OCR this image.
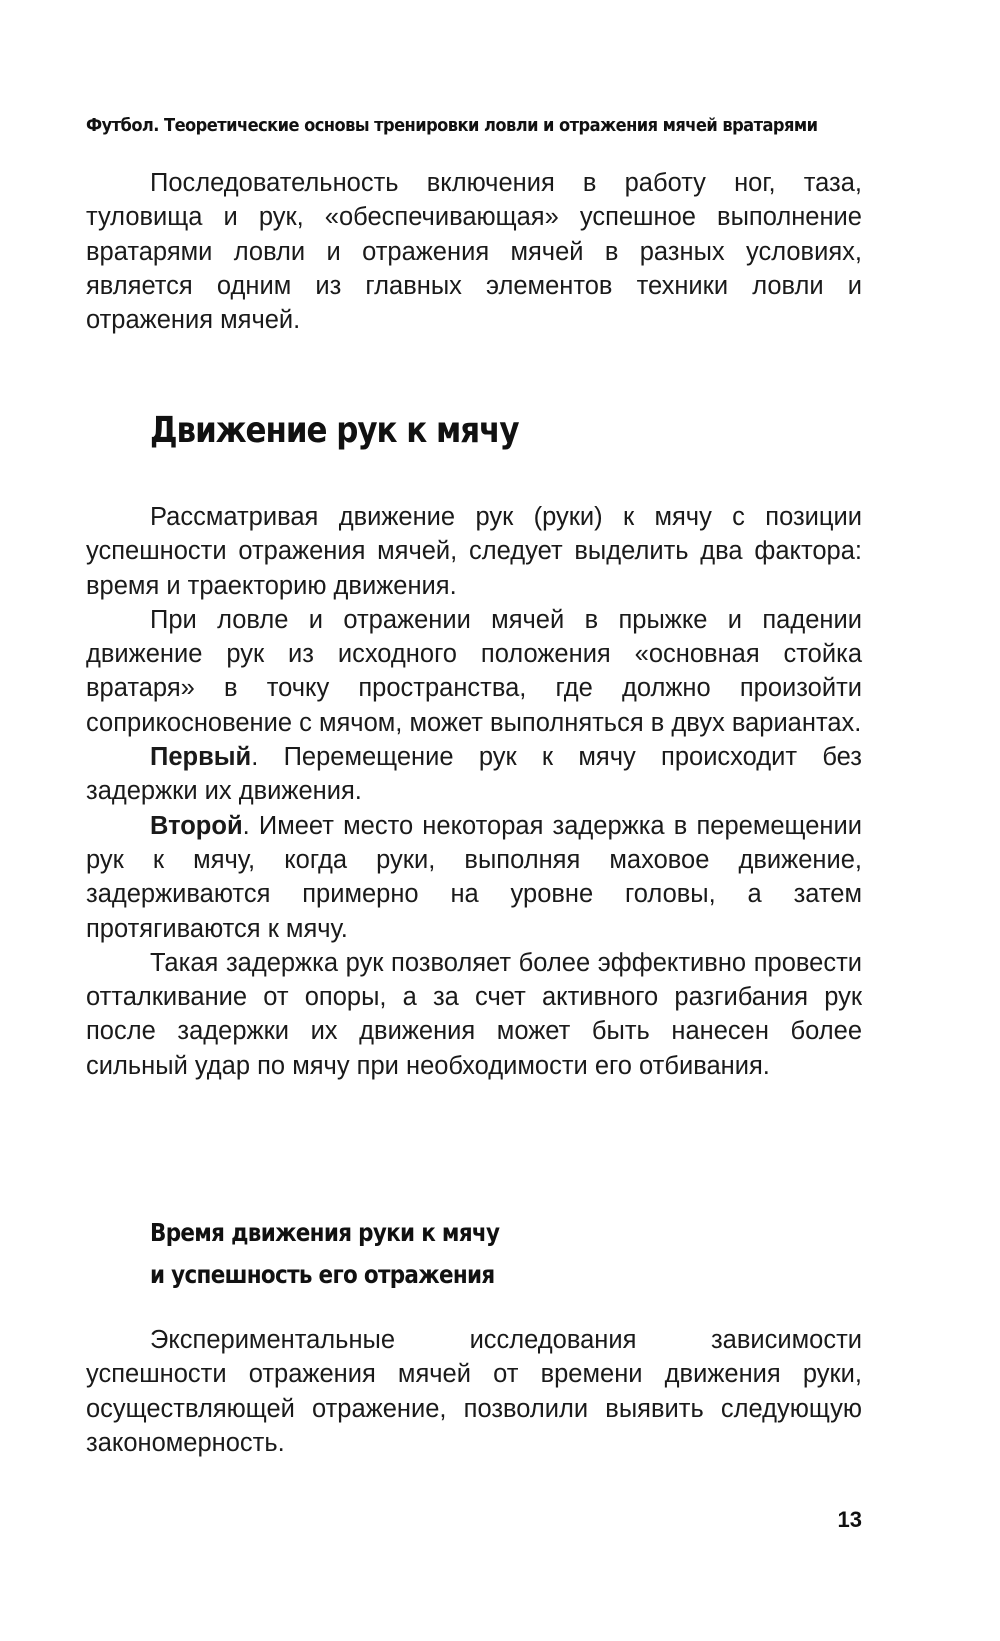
Футбол. Теоретические основы тренировки ловли и отражения мячей вратарями

Последовательность включения в работу ног, таза, туловища и рук, «обеспечивающая» успешное выполнение вратарями ловли и отражения мячей в разных условиях, является одним из главных элементов техники ловли и отражения мячей.

Движение рук к мячу

Рассматривая движение рук (руки) к мячу с позиции успешности отражения мячей, следует выделить два фактора: время и траекторию движения.

При ловле и отражении мячей в прыжке и падении движение рук из исходного положения «основная стойка вратаря» в точку пространства, где должно произойти соприкосновение с мячом, может выполняться в двух вариантах.

Первый. Перемещение рук к мячу происходит без задержки их движения.

Второй. Имеет место некоторая задержка в перемещении рук к мячу, когда руки, выполняя маховое движение, задерживаются примерно на уровне головы, а затем протягиваются к мячу.

Такая задержка рук позволяет более эффективно провести отталкивание от опоры, а за счет активного разгибания рук после задержки их движения может быть нанесен более сильный удар по мячу при необходимости его отбивания.

Время движения руки к мячу
и успешность его отражения

Экспериментальные исследования зависимости успешности отражения мячей от времени движения руки, осуществляющей отражение, позволили выявить следующую закономерность.

13
